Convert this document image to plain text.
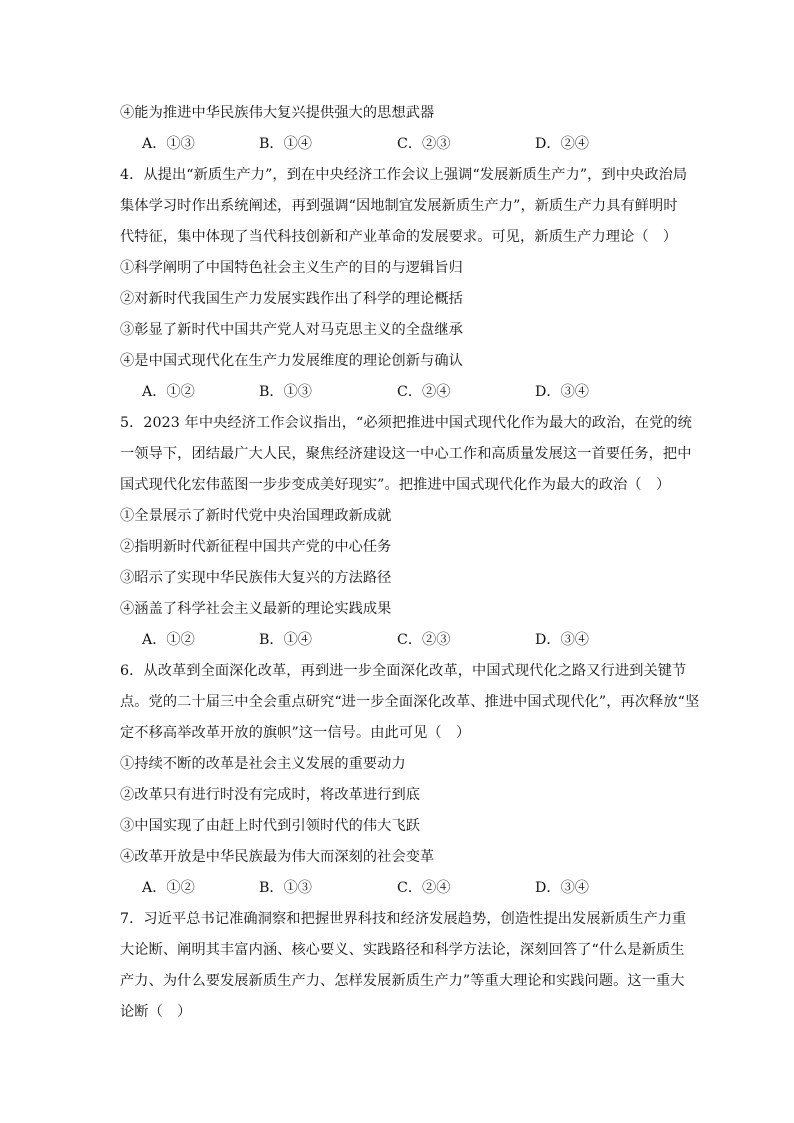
④能为推进中华民族伟大复兴提供强大的思想武器
A．①③	B．①④	C．②③	D．②④
4．从提出“新质生产力”，到在中央经济工作会议上强调“发展新质生产力”，到中央政治局
集体学习时作出系统阐述，再到强调“因地制宜发展新质生产力”，新质生产力具有鲜明时
代特征，集中体现了当代科技创新和产业革命的发展要求。可见，新质生产力理论（　）
①科学阐明了中国特色社会主义生产的目的与逻辑旨归
②对新时代我国生产力发展实践作出了科学的理论概括
③彰显了新时代中国共产党人对马克思主义的全盘继承
④是中国式现代化在生产力发展维度的理论创新与确认
A．①②	B．①③	C．②④	D．③④
5．2023 年中央经济工作会议指出，“必须把推进中国式现代化作为最大的政治，在党的统
一领导下，团结最广大人民，聚焦经济建设这一中心工作和高质量发展这一首要任务，把中
国式现代化宏伟蓝图一步步变成美好现实”。把推进中国式现代化作为最大的政治（　）
①全景展示了新时代党中央治国理政新成就
②指明新时代新征程中国共产党的中心任务
③昭示了实现中华民族伟大复兴的方法路径
④涵盖了科学社会主义最新的理论实践成果
A．①②	B．①④	C．②③	D．③④
6．从改革到全面深化改革，再到进一步全面深化改革，中国式现代化之路又行进到关键节
点。党的二十届三中全会重点研究“进一步全面深化改革、推进中国式现代化”，再次释放“坚
定不移高举改革开放的旗帜”这一信号。由此可见（　）
①持续不断的改革是社会主义发展的重要动力
②改革只有进行时没有完成时，将改革进行到底
③中国实现了由赶上时代到引领时代的伟大飞跃
④改革开放是中华民族最为伟大而深刻的社会变革
A．①②	B．①③	C．②④	D．③④
7．习近平总书记准确洞察和把握世界科技和经济发展趋势，创造性提出发展新质生产力重
大论断、阐明其丰富内涵、核心要义、实践路径和科学方法论，深刻回答了“什么是新质生
产力、为什么要发展新质生产力、怎样发展新质生产力”等重大理论和实践问题。这一重大
论断（　）
